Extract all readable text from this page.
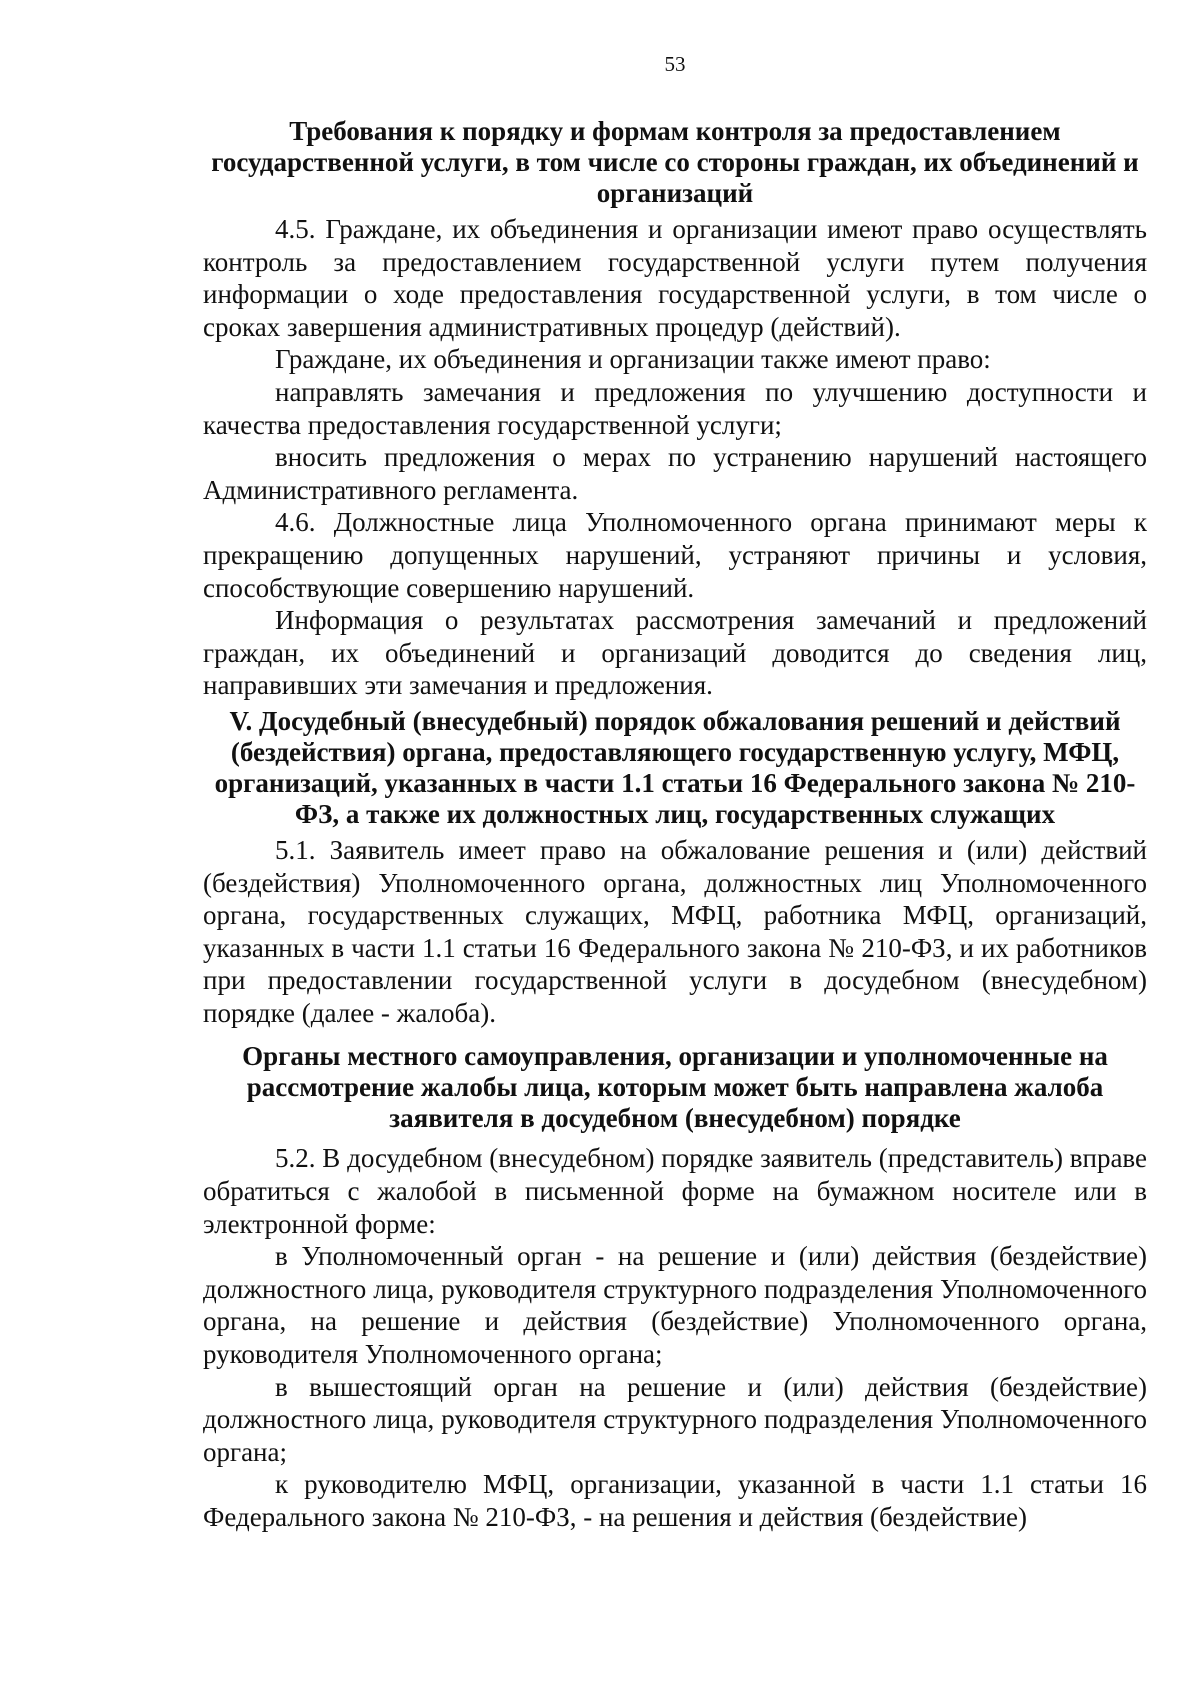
53

Требования к порядку и формам контроля за предоставлением государственной услуги, в том числе со стороны граждан, их объединений и организаций

4.5. Граждане, их объединения и организации имеют право осуществлять контроль за предоставлением государственной услуги путем получения информации о ходе предоставления государственной услуги, в том числе о сроках завершения административных процедур (действий).

Граждане, их объединения и организации также имеют право:

направлять замечания и предложения по улучшению доступности и качества предоставления государственной услуги;

вносить предложения о мерах по устранению нарушений настоящего Административного регламента.

4.6. Должностные лица Уполномоченного органа принимают меры к прекращению допущенных нарушений, устраняют причины и условия, способствующие совершению нарушений.

Информация о результатах рассмотрения замечаний и предложений граждан, их объединений и организаций доводится до сведения лиц, направивших эти замечания и предложения.

V. Досудебный (внесудебный) порядок обжалования решений и действий (бездействия) органа, предоставляющего государственную услугу, МФЦ, организаций, указанных в части 1.1 статьи 16 Федерального закона № 210-ФЗ, а также их должностных лиц, государственных служащих

5.1. Заявитель имеет право на обжалование решения и (или) действий (бездействия) Уполномоченного органа, должностных лиц Уполномоченного органа, государственных служащих, МФЦ, работника МФЦ, организаций, указанных в части 1.1 статьи 16 Федерального закона № 210-ФЗ, и их работников при предоставлении государственной услуги в досудебном (внесудебном) порядке (далее - жалоба).

Органы местного самоуправления, организации и уполномоченные на рассмотрение жалобы лица, которым может быть направлена жалоба заявителя в досудебном (внесудебном) порядке

5.2. В досудебном (внесудебном) порядке заявитель (представитель) вправе обратиться с жалобой в письменной форме на бумажном носителе или в электронной форме:

в Уполномоченный орган - на решение и (или) действия (бездействие) должностного лица, руководителя структурного подразделения Уполномоченного органа, на решение и действия (бездействие) Уполномоченного органа, руководителя Уполномоченного органа;

в вышестоящий орган на решение и (или) действия (бездействие) должностного лица, руководителя структурного подразделения Уполномоченного органа;

к руководителю МФЦ, организации, указанной в части 1.1 статьи 16 Федерального закона № 210-ФЗ, - на решения и действия (бездействие)
